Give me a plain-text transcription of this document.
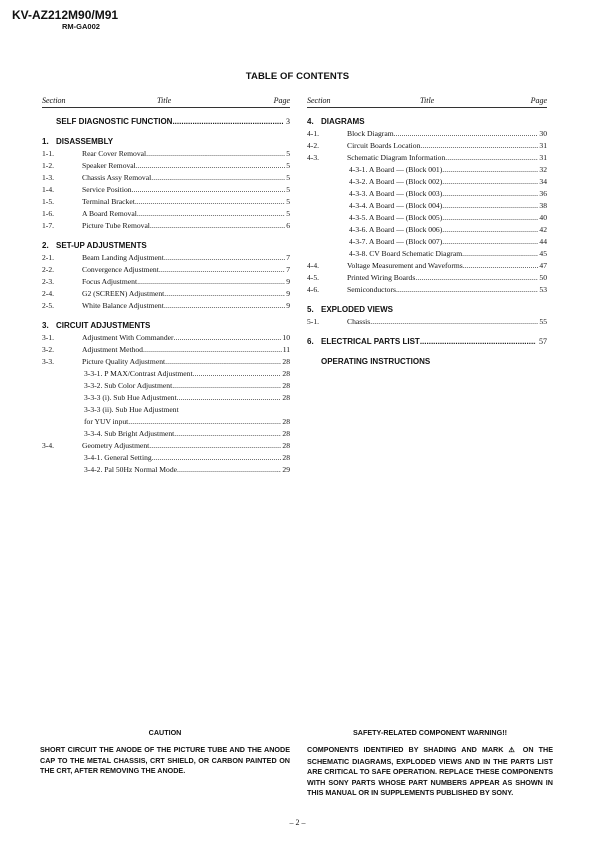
KV-AZ212M90/M91
RM-GA002
TABLE OF CONTENTS
Section	Title	Page
SELF DIAGNOSTIC FUNCTION .....	3
1. DISASSEMBLY
1-1.	Rear Cover Removal .....	5
1-2.	Speaker Removal .....	5
1-3.	Chassis Assy Removal .....	5
1-4.	Service Position .....	5
1-5.	Terminal Bracket .....	5
1-6.	A Board Removal .....	5
1-7.	Picture Tube Removal .....	6
2. SET-UP ADJUSTMENTS
2-1.	Beam Landing Adjustment .....	7
2-2.	Convergence Adjustment .....	7
2-3.	Focus Adjustment .....	9
2-4.	G2 (SCREEN) Adjustment .....	9
2-5.	White Balance Adjustment .....	9
3. CIRCUIT ADJUSTMENTS
3-1.	Adjustment With Commander .....	10
3-2.	Adjustment Method .....	11
3-3.	Picture Quality Adjustment .....	28
3-3-1. P MAX/Contrast Adjustment .....	28
3-3-2. Sub Color Adjustment .....	28
3-3-3 (i). Sub Hue Adjustment .....	28
3-3-3 (ii). Sub Hue Adjustment
for YUV input .....	28
3-3-4. Sub Bright Adjustment .....	28
3-4.	Geometry Adjustment .....	28
3-4-1. General Setting .....	28
3-4-2. Pal 50Hz Normal Mode .....	29
Section	Title	Page
4. DIAGRAMS
4-1.	Block Diagram .....	30
4-2.	Circuit Boards Location .....	31
4-3.	Schematic Diagram Information .....	31
4-3-1. A Board — (Block 001) .....	32
4-3-2. A Board — (Block 002) .....	34
4-3-3. A Board — (Block 003) .....	36
4-3-4. A Board — (Block 004) .....	38
4-3-5. A Board — (Block 005) .....	40
4-3-6. A Board — (Block 006) .....	42
4-3-7. A Board — (Block 007) .....	44
4-3-8. CV Board Schematic Diagram .....	45
4-4.	Voltage Measurement and Waveforms .....	47
4-5.	Printed Wiring Boards .....	50
4-6.	Semiconductors .....	53
5. EXPLODED VIEWS
5-1.	Chassis .....	55
6. ELECTRICAL PARTS LIST .....	57
OPERATING INSTRUCTIONS
CAUTION

SHORT CIRCUIT THE ANODE OF THE PICTURE TUBE AND THE ANODE CAP TO THE METAL CHASSIS, CRT SHIELD, OR CARBON PAINTED ON THE CRT, AFTER REMOVING THE ANODE.

SAFETY-RELATED COMPONENT WARNING!!

COMPONENTS IDENTIFIED BY SHADING AND MARK ⚠ ON THE SCHEMATIC DIAGRAMS, EXPLODED VIEWS AND IN THE PARTS LIST ARE CRITICAL TO SAFE OPERATION. REPLACE THESE COMPONENTS WITH SONY PARTS WHOSE PART NUMBERS APPEAR AS SHOWN IN THIS MANUAL OR IN SUPPLEMENTS PUBLISHED BY SONY.

– 2 –
